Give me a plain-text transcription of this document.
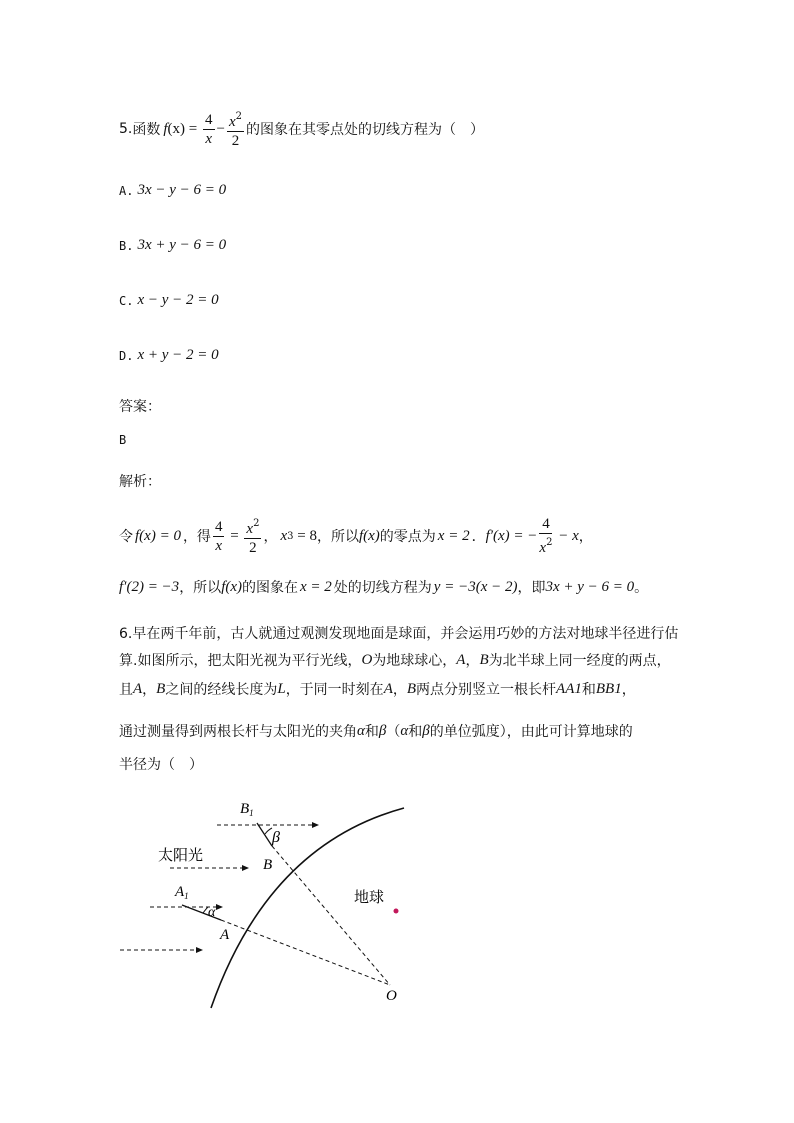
5. 函数 f $(x) = \frac{4}{x} - \frac{x^2}{2}$ 的图象在其零点处的切线方程为（　）
A. 3x − y − 6 = 0
B. 3x + y − 6 = 0
C. x − y − 2 = 0
D. x + y − 2 = 0
答案：
B
解析：
令 f(x) = 0 ，得 $\frac{4}{x} = \frac{x^2}{2}$ ， x 3 = 8 ，所以 f(x) 的零点为 x = 2 ． f′(x) = − $\frac{4}{x^2} - x$ ，
f′(2) = −3 ，所以 f(x) 的图象在 x = 2 处的切线方程为 y = −3(x − 2) ，即 3x + y − 6 = 0 。
6.早在两千年前，古人就通过观测发现地面是球面，并会运用巧妙的方法对地球半径进行估
算.如图所示，把太阳光视为平行光线， O 为地球球心， A ， B 为北半球上同一经度的两点，
且 A ， B 之间的经线长度为 L ，于同一时刻在 A ， B 两点分别竖立一根长杆 AA 1 和 BB 1 ，
通过测量得到两根长杆与太阳光的夹角 α 和 β （ α 和 β 的单位弧度），由此可计算地球的
半径为（　）
$B_1$
β
B
太阳光
$A_1$
α
A
地球
O
